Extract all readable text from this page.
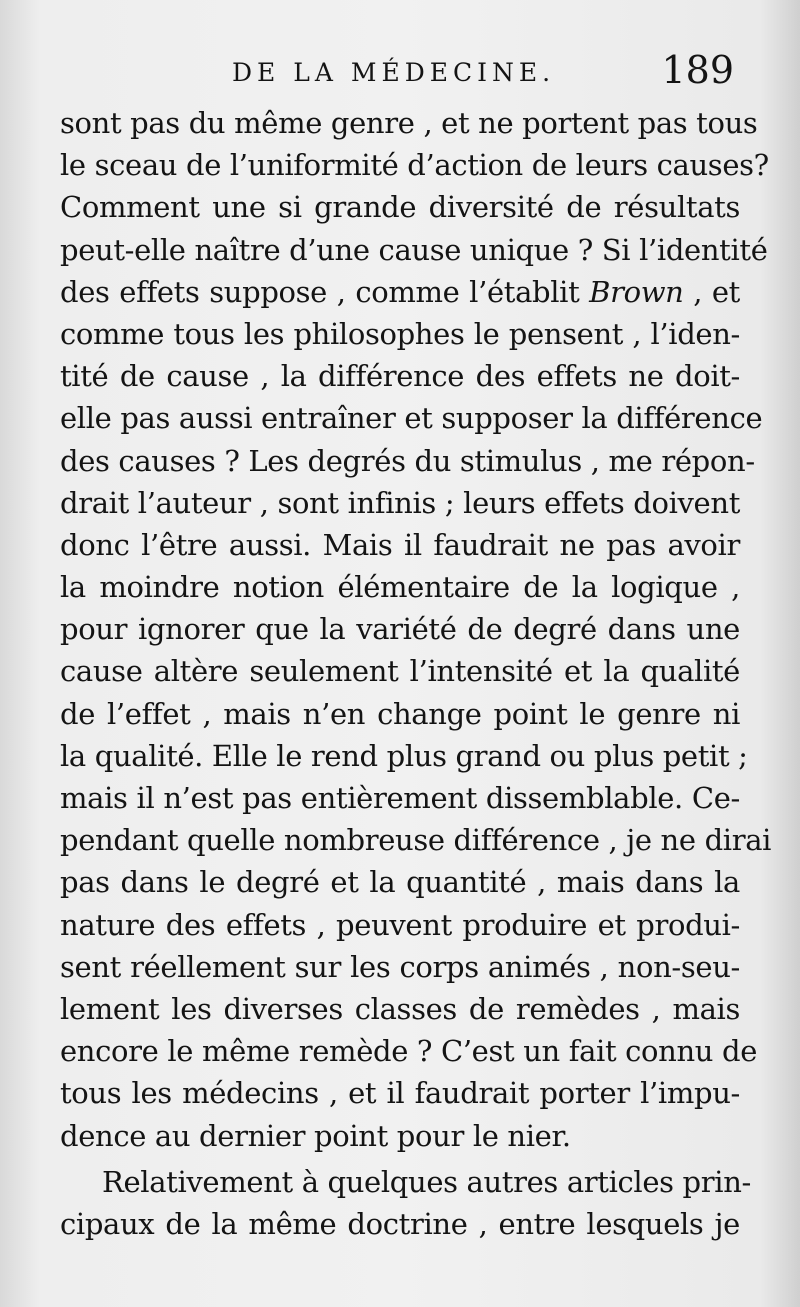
DE LA MÉDECINE.	189
sont pas du même genre , et ne portent pas tous
le sceau de l’uniformité d’action de leurs causes?
Comment une si grande diversité de résultats
peut-elle naître d’une cause unique ? Si l’identité
des effets suppose , comme l’établit Brown , et
comme tous les philosophes le pensent , l’iden-
tité de cause , la différence des effets ne doit-
elle pas aussi entraîner et supposer la différence
des causes ? Les degrés du stimulus , me répon-
drait l’auteur , sont infinis ; leurs effets doivent
donc l’être aussi. Mais il faudrait ne pas avoir
la moindre notion élémentaire de la logique ,
pour ignorer que la variété de degré dans une
cause altère seulement l’intensité et la qualité
de l’effet , mais n’en change point le genre ni
la qualité. Elle le rend plus grand ou plus petit ;
mais il n’est pas entièrement dissemblable. Ce-
pendant quelle nombreuse différence , je ne dirai
pas dans le degré et la quantité , mais dans la
nature des effets , peuvent produire et produi-
sent réellement sur les corps animés , non-seu-
lement les diverses classes de remèdes , mais
encore le même remède ? C’est un fait connu de
tous les médecins , et il faudrait porter l’impu-
dence au dernier point pour le nier.
Relativement à quelques autres articles prin-
cipaux de la même doctrine , entre lesquels je
